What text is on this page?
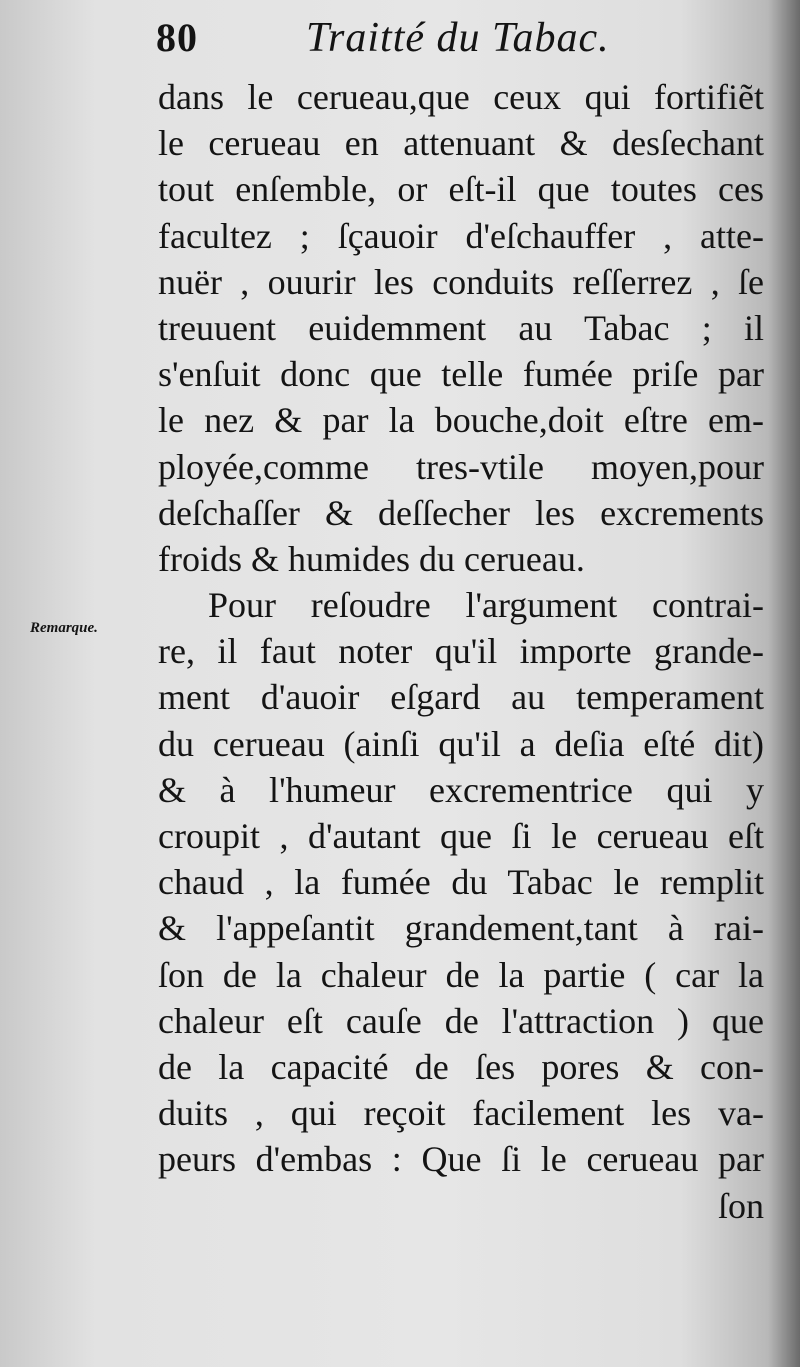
80	Traitté du Tabac.
Remarque.
dans le cerueau,que ceux qui fortifiẽt
le cerueau en attenuant & desſechant
tout enſemble, or eſt-il que toutes ces
facultez ; ſçauoir d'eſchauffer , atte-
nuër , ouurir les conduits reſſerrez , ſe
treuuent euidemment au Tabac ; il
s'enſuit donc que telle fumée priſe par
le nez & par la bouche,doit eſtre em-
ployée,comme tres-vtile moyen,pour
deſchaſſer & deſſecher les excrements
froids & humides du cerueau.
Pour reſoudre l'argument contrai-
re, il faut noter qu'il importe grande-
ment d'auoir eſgard au temperament
du cerueau (ainſi qu'il a deſia eſté dit)
& à l'humeur excrementrice qui y
croupit , d'autant que ſi le cerueau eſt
chaud , la fumée du Tabac le remplit
& l'appeſantit grandement,tant à rai-
ſon de la chaleur de la partie ( car la
chaleur eſt cauſe de l'attraction ) que
de la capacité de ſes pores & con-
duits , qui reçoit facilement les va-
peurs d'embas : Que ſi le cerueau par
ſon
